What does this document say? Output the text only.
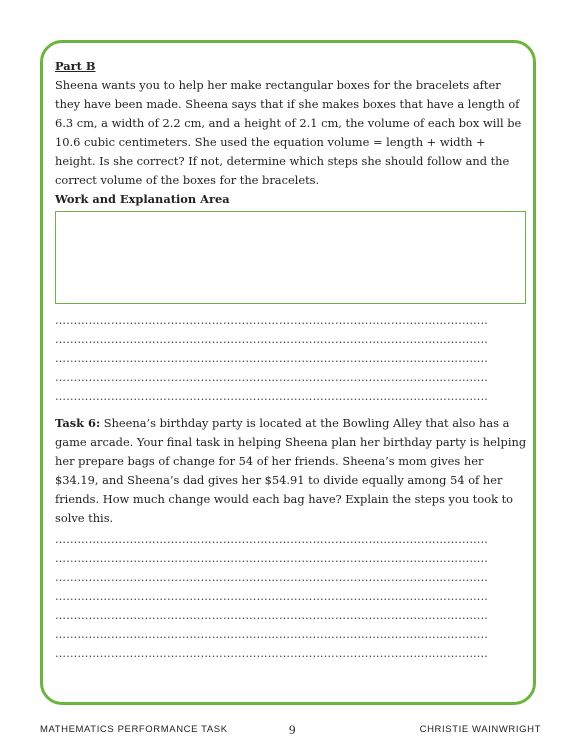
Part B

Sheena wants you to help her make rectangular boxes for the bracelets after they have been made. Sheena says that if she makes boxes that have a length of 6.3 cm, a width of 2.2 cm, and a height of 2.1 cm, the volume of each box will be 10.6 cubic centimeters. She used the equation volume = length + width + height. Is she correct? If not, determine which steps she should follow and the correct volume of the boxes for the bracelets.

Work and Explanation Area

……………………………………………………………………………………………………..
……………………………………………………………………………………………………..
……………………………………………………………………………………………………..
……………………………………………………………………………………………………..
……………………………………………………………………………………………………..

Task 6: Sheena’s birthday party is located at the Bowling Alley that also has a game arcade. Your final task in helping Sheena plan her birthday party is helping her prepare bags of change for 54 of her friends. Sheena’s mom gives her $34.19, and Sheena’s dad gives her $54.91 to divide equally among 54 of her friends. How much change would each bag have? Explain the steps you took to solve this.

……………………………………………………………………………………………………..
……………………………………………………………………………………………………..
……………………………………………………………………………………………………..
……………………………………………………………………………………………………..
……………………………………………………………………………………………………..
……………………………………………………………………………………………………..
……………………………………………………………………………………………………..
MATHEMATICS PERFORMANCE TASK	9	CHRISTIE WAINWRIGHT
